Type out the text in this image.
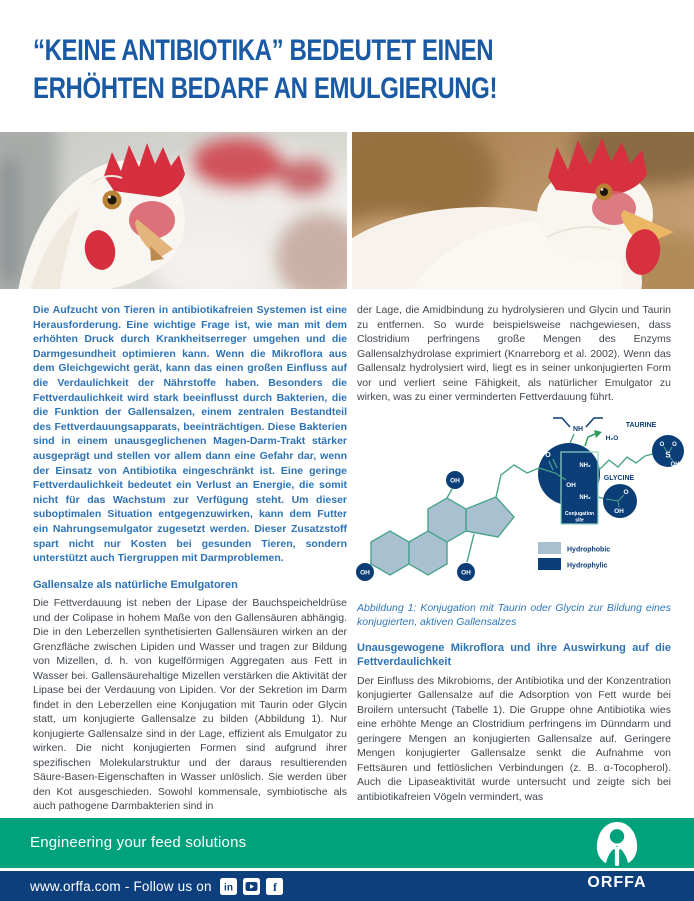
“KEINE ANTIBIOTIKA” BEDEUTET EINEN
ERHÖHTEN BEDARF AN EMULGIERUNG!

Die Aufzucht von Tieren in antibiotikafreien Systemen ist eine Herausforderung. Eine wichtige Frage ist, wie man mit dem erhöhten Druck durch Krankheitserreger umgehen und die Darmgesundheit optimieren kann. Wenn die Mikroflora aus dem Gleichgewicht gerät, kann das einen großen Einfluss auf die Verdaulichkeit der Nährstoffe haben. Besonders die Fettverdaulichkeit wird stark beeinflusst durch Bakterien, die die Funktion der Gallensalzen, einem zentralen Bestandteil des Fettverdauungsapparats, beeinträchtigen. Diese Bakterien sind in einem unausgeglichenen Magen-Darm-Trakt stärker ausgeprägt und stellen vor allem dann eine Gefahr dar, wenn der Einsatz von Antibiotika eingeschränkt ist. Eine geringe Fettverdaulichkeit bedeutet ein Verlust an Energie, die somit nicht für das Wachstum zur Verfügung steht. Um dieser suboptimalen Situation entgegenzuwirken, kann dem Futter ein Nahrungsemulgator zugesetzt werden. Dieser Zusatzstoff spart nicht nur Kosten bei gesunden Tieren, sondern unterstützt auch Tiergruppen mit Darmproblemen.

Gallensalze als natürliche Emulgatoren

Die Fettverdauung ist neben der Lipase der Bauchspeicheldrüse und der Colipase in hohem Maße von den Gallensäuren abhängig. Die in den Leberzellen synthetisierten Gallensäuren wirken an der Grenzfläche zwischen Lipiden und Wasser und tragen zur Bildung von Mizellen, d. h. von kugelförmigen Aggregaten aus Fett in Wasser bei. Gallensäurehaltige Mizellen verstärken die Aktivität der Lipase bei der Verdauung von Lipiden. Vor der Sekretion im Darm findet in den Leberzellen eine Konjugation mit Taurin oder Glycin statt, um konjugierte Gallensalze zu bilden (Abbildung 1). Nur konjugierte Gallensalze sind in der Lage, effizient als Emulgator zu wirken. Die nicht konjugierten Formen sind aufgrund ihrer spezifischen Molekularstruktur und der daraus resultierenden Säure-Basen-Eigenschaften in Wasser unlöslich. Sie werden über den Kot ausgeschieden. Sowohl kommensale, symbiotische als auch pathogene Darmbakterien sind in

der Lage, die Amidbindung zu hydrolysieren und Glycin und Taurin zu entfernen. So wurde beispielsweise nachgewiesen, dass Clostridium perfringens große Mengen des Enzyms Gallensalzhydrolase exprimiert (Knarreborg et al. 2002). Wenn das Gallensalz hydrolysiert wird, liegt es in seiner unkonjugierten Form vor und verliert seine Fähigkeit, als natürlicher Emulgator zu wirken, was zu einer verminderten Fettverdauung führt.

OH
OH	OH
O
OH
NH₂
NH₂
Conjugation
site
NH
H₂O
TAURINE
O O
S
OH
GLYCINE
O
OH
Hydrophobic
Hydrophylic

Abbildung 1: Konjugation mit Taurin oder Glycin zur Bildung eines konjugierten, aktiven Gallensalzes

Unausgewogene Mikroflora und ihre Auswirkung auf die Fettverdaulichkeit

Der Einfluss des Mikrobioms, der Antibiotika und der Konzentration konjugierter Gallensalze auf die Adsorption von Fett wurde bei Broilern untersucht (Tabelle 1). Die Gruppe ohne Antibiotika wies eine erhöhte Menge an Clostridium perfringens im Dünndarm und geringere Mengen an konjugierten Gallensalze auf. Geringere Mengen konjugierter Gallensalze senkt die Aufnahme von Fettsäuren und fettlöslichen Verbindungen (z. B. α-Tocopherol). Auch die Lipaseaktivität wurde untersucht und zeigte sich bei antibiotikafreien Vögeln vermindert, was

Engineering your feed solutions
www.orffa.com - Follow us on in	f	ORFFA
